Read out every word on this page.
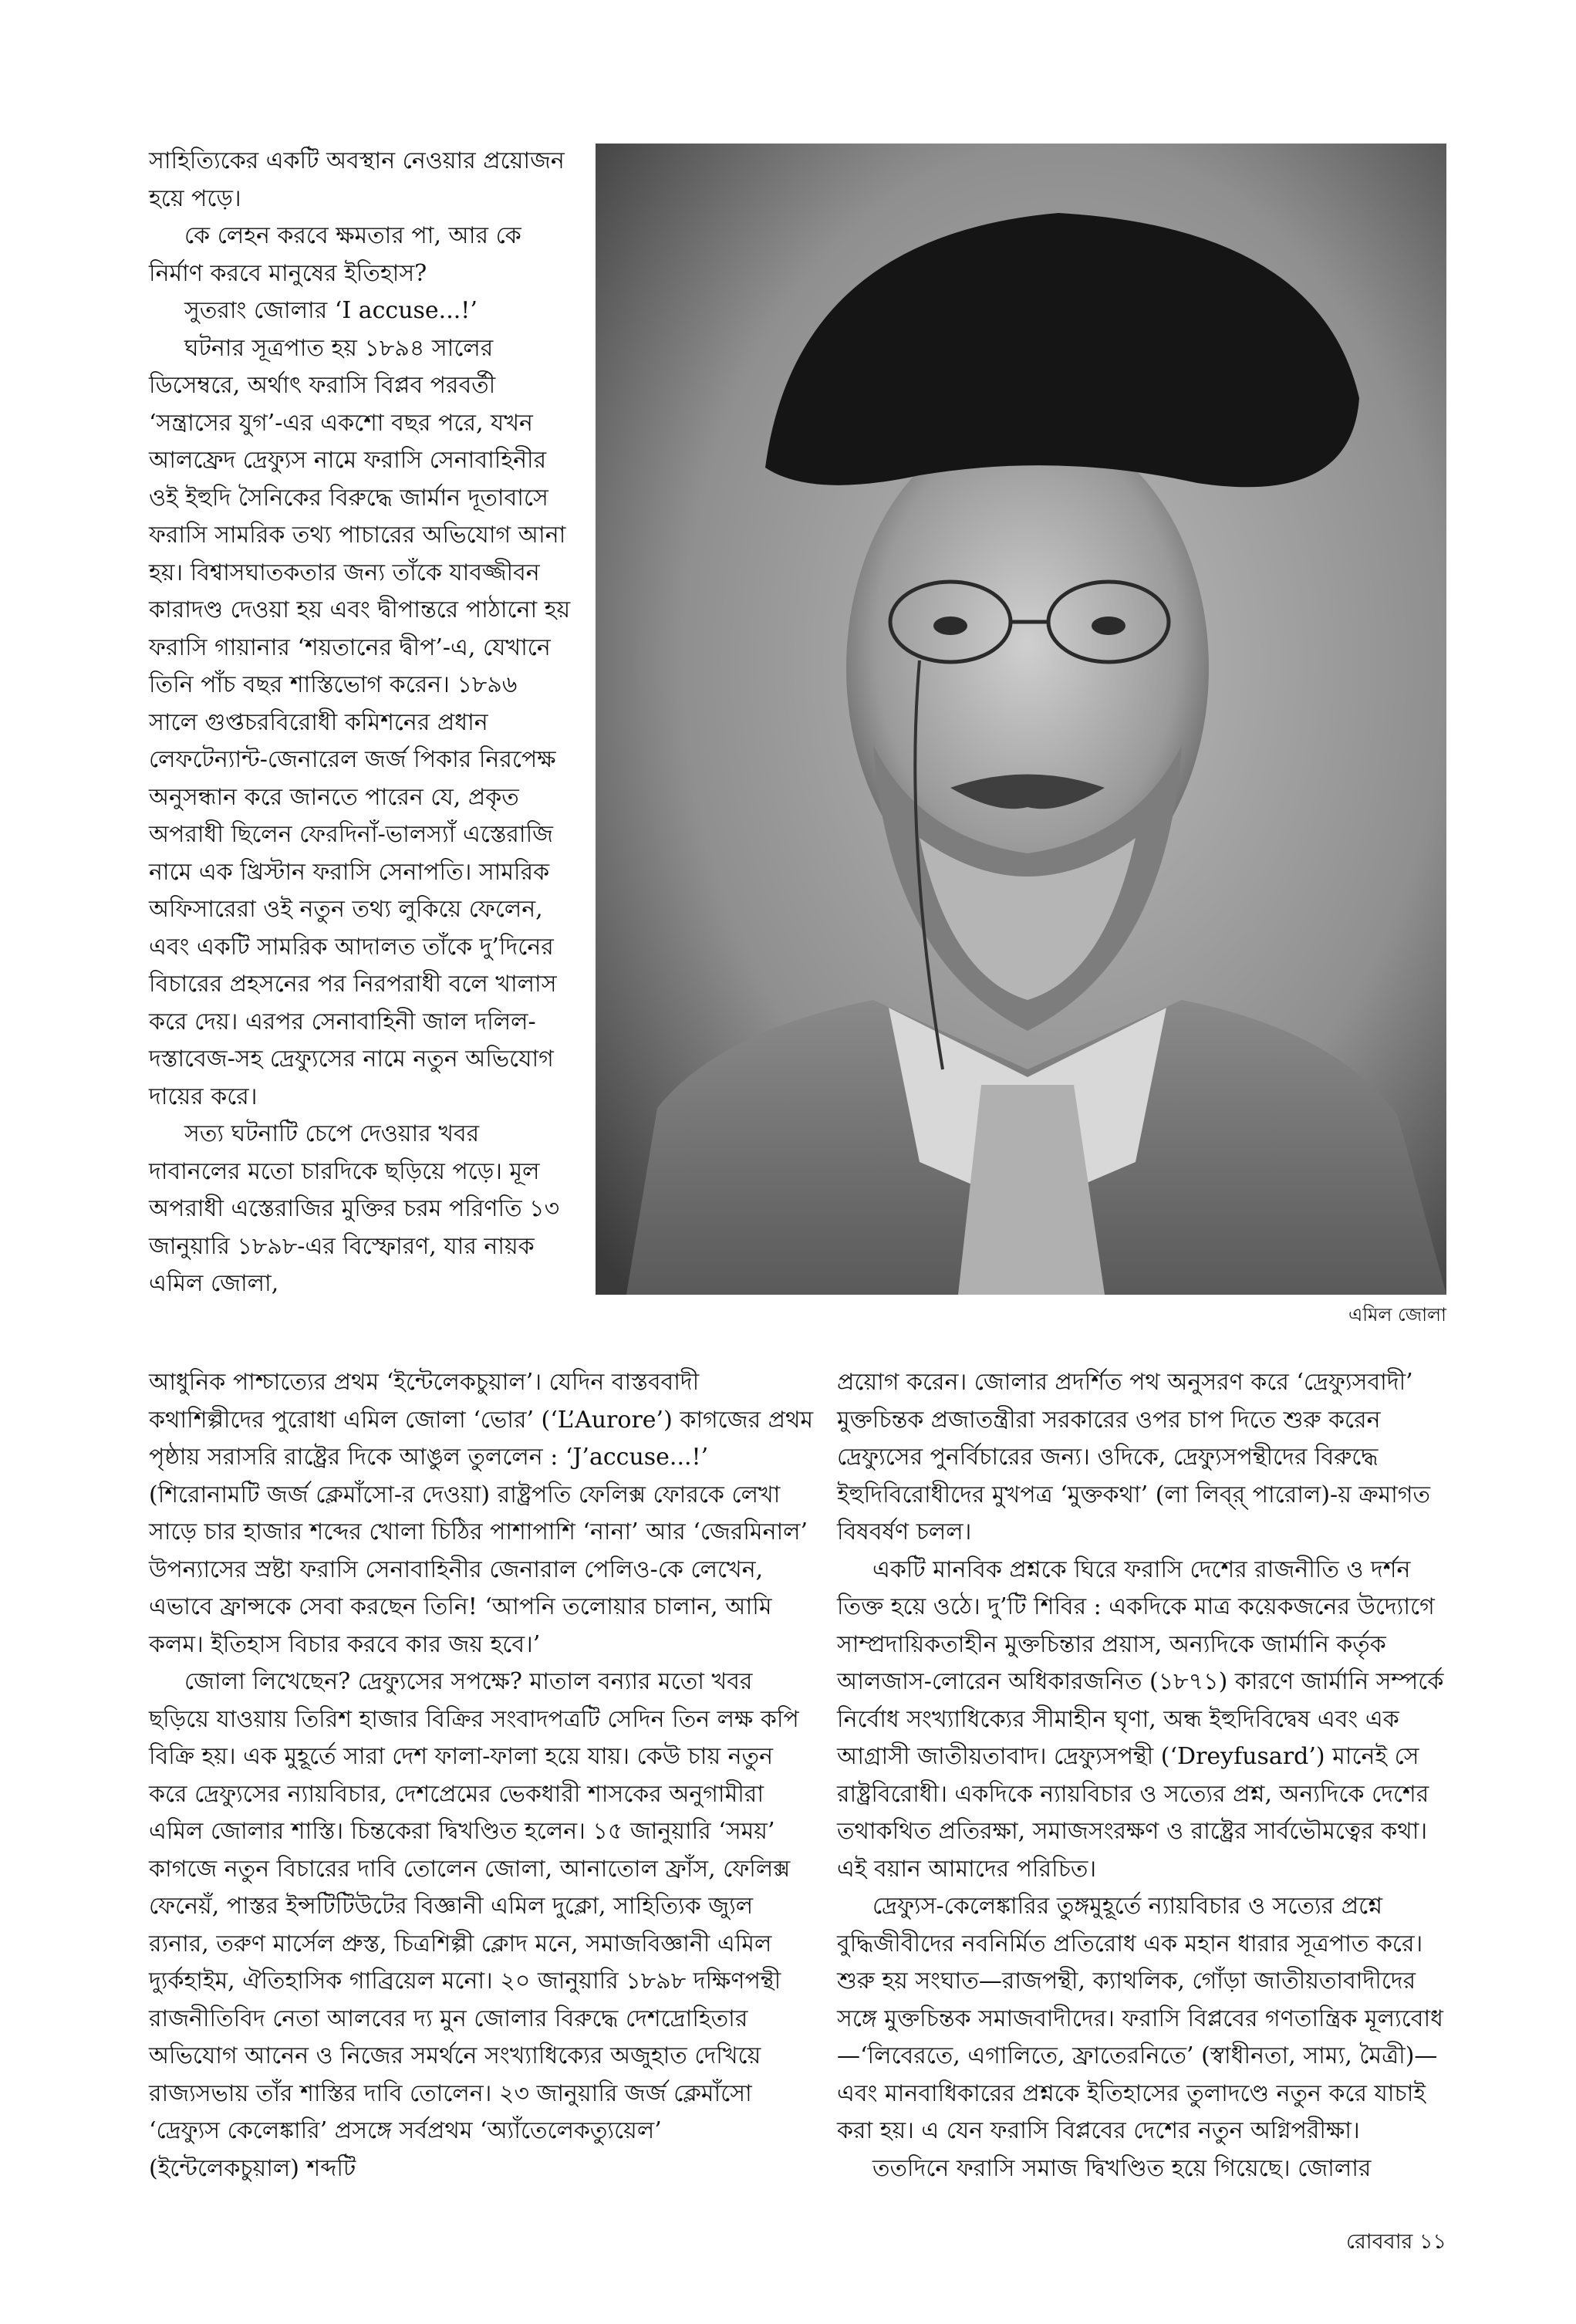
সাহিত্যিকের একটি অবস্থান নেওয়ার প্রয়োজন হয়ে পড়ে।

কে লেহন করবে ক্ষমতার পা, আর কে নির্মাণ করবে মানুষের ইতিহাস?

সুতরাং জোলার ‘I accuse...!’

ঘটনার সূত্রপাত হয় ১৮৯৪ সালের ডিসেম্বরে, অর্থাৎ ফরাসি বিপ্লব পরবর্তী ‘সন্ত্রাসের যুগ’-এর একশো বছর পরে, যখন আলফ্রেদ দ্রেফ্যুস নামে ফরাসি সেনাবাহিনীর ওই ইহুদি সৈনিকের বিরুদ্ধে জার্মান দূতাবাসে ফরাসি সামরিক তথ্য পাচারের অভিযোগ আনা হয়। বিশ্বাসঘাতকতার জন্য তাঁকে যাবজ্জীবন কারাদণ্ড দেওয়া হয় এবং দ্বীপান্তরে পাঠানো হয় ফরাসি গায়ানার ‘শয়তানের দ্বীপ’-এ, যেখানে তিনি পাঁচ বছর শাস্তিভোগ করেন। ১৮৯৬ সালে গুপ্তচরবিরোধী কমিশনের প্রধান লেফটেন্যান্ট-জেনারেল জর্জ পিকার নিরপেক্ষ অনুসন্ধান করে জানতে পারেন যে, প্রকৃত অপরাধী ছিলেন ফেরদিনাঁ-ভালস্যাঁ এস্তেরাজি নামে এক খ্রিস্টান ফরাসি সেনাপতি। সামরিক অফিসারেরা ওই নতুন তথ্য লুকিয়ে ফেলেন, এবং একটি সামরিক আদালত তাঁকে দু’দিনের বিচারের প্রহসনের পর নিরপরাধী বলে খালাস করে দেয়। এরপর সেনাবাহিনী জাল দলিল-দস্তাবেজ-সহ দ্রেফ্যুসের নামে নতুন অভিযোগ দায়ের করে।

সত্য ঘটনাটি চেপে দেওয়ার খবর দাবানলের মতো চারদিকে ছড়িয়ে পড়ে। মূল অপরাধী এস্তেরাজির মুক্তির চরম পরিণতি ১৩ জানুয়ারি ১৮৯৮-এর বিস্ফোরণ, যার নায়ক এমিল জোলা,

এমিল জোলা

আধুনিক পাশ্চাত্যের প্রথম ‘ইন্টেলেকচুয়াল’। যেদিন বাস্তববাদী কথাশিল্পীদের পুরোধা এমিল জোলা ‘ভোর’ (‘L’Aurore’) কাগজের প্রথম পৃষ্ঠায় সরাসরি রাষ্ট্রের দিকে আঙুল তুললেন : ‘J’accuse...!’ (শিরোনামটি জর্জ ক্লেমাঁসো-র দেওয়া) রাষ্ট্রপতি ফেলিক্স ফোরকে লেখা সাড়ে চার হাজার শব্দের খোলা চিঠির পাশাপাশি ‘নানা’ আর ‘জেরমিনাল’ উপন্যাসের স্রষ্টা ফরাসি সেনাবাহিনীর জেনারাল পেলিও-কে লেখেন, এভাবে ফ্রান্সকে সেবা করছেন তিনি! ‘আপনি তলোয়ার চালান, আমি কলম। ইতিহাস বিচার করবে কার জয় হবে।’

জোলা লিখেছেন? দ্রেফ্যুসের সপক্ষে? মাতাল বন্যার মতো খবর ছড়িয়ে যাওয়ায় তিরিশ হাজার বিক্রির সংবাদপত্রটি সেদিন তিন লক্ষ কপি বিক্রি হয়। এক মুহূর্তে সারা দেশ ফালা-ফালা হয়ে যায়। কেউ চায় নতুন করে দ্রেফ্যুসের ন্যায়বিচার, দেশপ্রেমের ভেকধারী শাসকের অনুগামীরা এমিল জোলার শাস্তি। চিন্তকেরা দ্বিখণ্ডিত হলেন। ১৫ জানুয়ারি ‘সময়’ কাগজে নতুন বিচারের দাবি তোলেন জোলা, আনাতোল ফ্রাঁস, ফেলিক্স ফেনেয়ঁ, পাস্তর ইন্সটিটিউটের বিজ্ঞানী এমিল দুক্লো, সাহিত্যিক জ্যুল র‍্যনার, তরুণ মার্সেল প্রুস্ত, চিত্রশিল্পী ক্লোদ মনে, সমাজবিজ্ঞানী এমিল দ্যুর্কহাইম, ঐতিহাসিক গাব্রিয়েল মনো। ২০ জানুয়ারি ১৮৯৮ দক্ষিণপন্থী রাজনীতিবিদ নেতা আলবের দ্য মুন জোলার বিরুদ্ধে দেশদ্রোহিতার অভিযোগ আনেন ও নিজের সমর্থনে সংখ্যাধিক্যের অজুহাত দেখিয়ে রাজ্যসভায় তাঁর শাস্তির দাবি তোলেন। ২৩ জানুয়ারি জর্জ ক্লেমাঁসো ‘দ্রেফ্যুস কেলেঙ্কারি’ প্রসঙ্গে সর্বপ্রথম ‘অ্যাঁতেলেকত্যুয়েল’ (ইন্টেলেকচুয়াল) শব্দটি

প্রয়োগ করেন। জোলার প্রদর্শিত পথ অনুসরণ করে ‘দ্রেফ্যুসবাদী’ মুক্তচিন্তক প্রজাতন্ত্রীরা সরকারের ওপর চাপ দিতে শুরু করেন দ্রেফ্যুসের পুনর্বিচারের জন্য। ওদিকে, দ্রেফ্যুসপন্থীদের বিরুদ্ধে ইহুদিবিরোধীদের মুখপত্র ‘মুক্তকথা’ (লা লিব্‌র্ পারোল)-য় ক্রমাগত বিষবর্ষণ চলল।

একটি মানবিক প্রশ্নকে ঘিরে ফরাসি দেশের রাজনীতি ও দর্শন তিক্ত হয়ে ওঠে। দু’টি শিবির : একদিকে মাত্র কয়েকজনের উদ্যোগে সাম্প্রদায়িকতাহীন মুক্তচিন্তার প্রয়াস, অন্যদিকে জার্মানি কর্তৃক আলজাস-লোরেন অধিকারজনিত (১৮৭১) কারণে জার্মানি সম্পর্কে নির্বোধ সংখ্যাধিক্যের সীমাহীন ঘৃণা, অন্ধ ইহুদিবিদ্বেষ এবং এক আগ্রাসী জাতীয়তাবাদ। দ্রেফ্যুসপন্থী (‘Dreyfusard’) মানেই সে রাষ্ট্রবিরোধী। একদিকে ন্যায়বিচার ও সত্যের প্রশ্ন, অন্যদিকে দেশের তথাকথিত প্রতিরক্ষা, সমাজসংরক্ষণ ও রাষ্ট্রের সার্বভৌমত্বের কথা। এই বয়ান আমাদের পরিচিত।

দ্রেফ্যুস-কেলেঙ্কারির তুঙ্গমুহূর্তে ন্যায়বিচার ও সত্যের প্রশ্নে বুদ্ধিজীবীদের নবনির্মিত প্রতিরোধ এক মহান ধারার সূত্রপাত করে। শুরু হয় সংঘাত—রাজপন্থী, ক্যাথলিক, গোঁড়া জাতীয়তাবাদীদের সঙ্গে মুক্তচিন্তক সমাজবাদীদের। ফরাসি বিপ্লবের গণতান্ত্রিক মূল্যবোধ—‘লিবেরতে, এগালিতে, ফ্রাতেরনিতে’ (স্বাধীনতা, সাম্য, মৈত্রী)—এবং মানবাধিকারের প্রশ্নকে ইতিহাসের তুলাদণ্ডে নতুন করে যাচাই করা হয়। এ যেন ফরাসি বিপ্লবের দেশের নতুন অগ্নিপরীক্ষা।

ততদিনে ফরাসি সমাজ দ্বিখণ্ডিত হয়ে গিয়েছে। জোলার

রোববার ১১
